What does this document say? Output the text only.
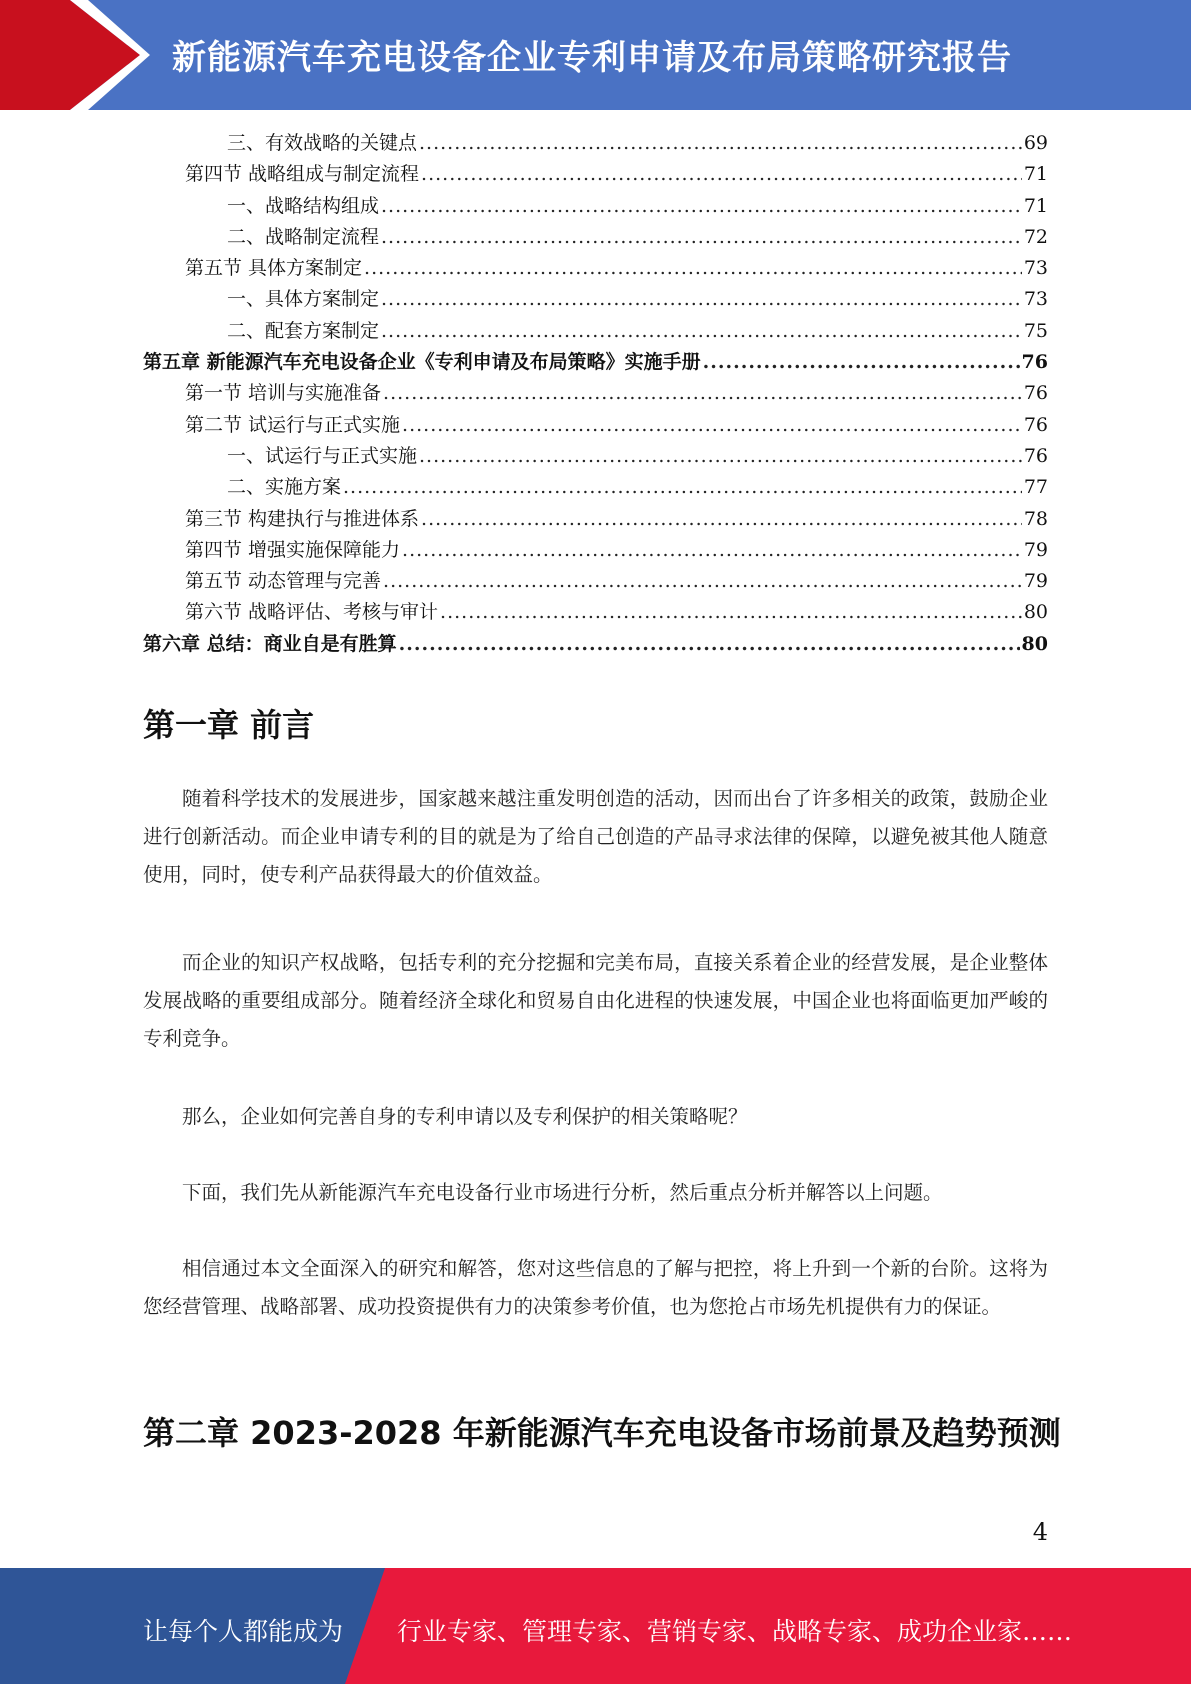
新能源汽车充电设备企业专利申请及布局策略研究报告
三、有效战略的关键点 .....	69
第四节 战略组成与制定流程 .....	71
一、战略结构组成 .....	71
二、战略制定流程 .....	72
第五节 具体方案制定 .....	73
一、具体方案制定 .....	73
二、配套方案制定 .....	75
第五章 新能源汽车充电设备企业《专利申请及布局策略》实施手册 .....	76
第一节 培训与实施准备 .....	76
第二节 试运行与正式实施 .....	76
一、试运行与正式实施 .....	76
二、实施方案 .....	77
第三节 构建执行与推进体系 .....	78
第四节 增强实施保障能力 .....	79
第五节 动态管理与完善 .....	79
第六节 战略评估、考核与审计 .....	80
第六章 总结：商业自是有胜算 .....	80
第一章 前言

随着科学技术的发展进步，国家越来越注重发明创造的活动，因而出台了许多相关的政策，鼓励企业进行创新活动。而企业申请专利的目的就是为了给自己创造的产品寻求法律的保障，以避免被其他人随意使用，同时，使专利产品获得最大的价值效益。

而企业的知识产权战略，包括专利的充分挖掘和完美布局，直接关系着企业的经营发展，是企业整体发展战略的重要组成部分。随着经济全球化和贸易自由化进程的快速发展，中国企业也将面临更加严峻的专利竞争。

那么，企业如何完善自身的专利申请以及专利保护的相关策略呢？

下面，我们先从新能源汽车充电设备行业市场进行分析，然后重点分析并解答以上问题。

相信通过本文全面深入的研究和解答，您对这些信息的了解与把控，将上升到一个新的台阶。这将为您经营管理、战略部署、成功投资提供有力的决策参考价值，也为您抢占市场先机提供有力的保证。

第二章 2023-2028 年新能源汽车充电设备市场前景及趋势预测
4
让每个人都能成为 行业专家、管理专家、营销专家、战略专家、成功企业家……
